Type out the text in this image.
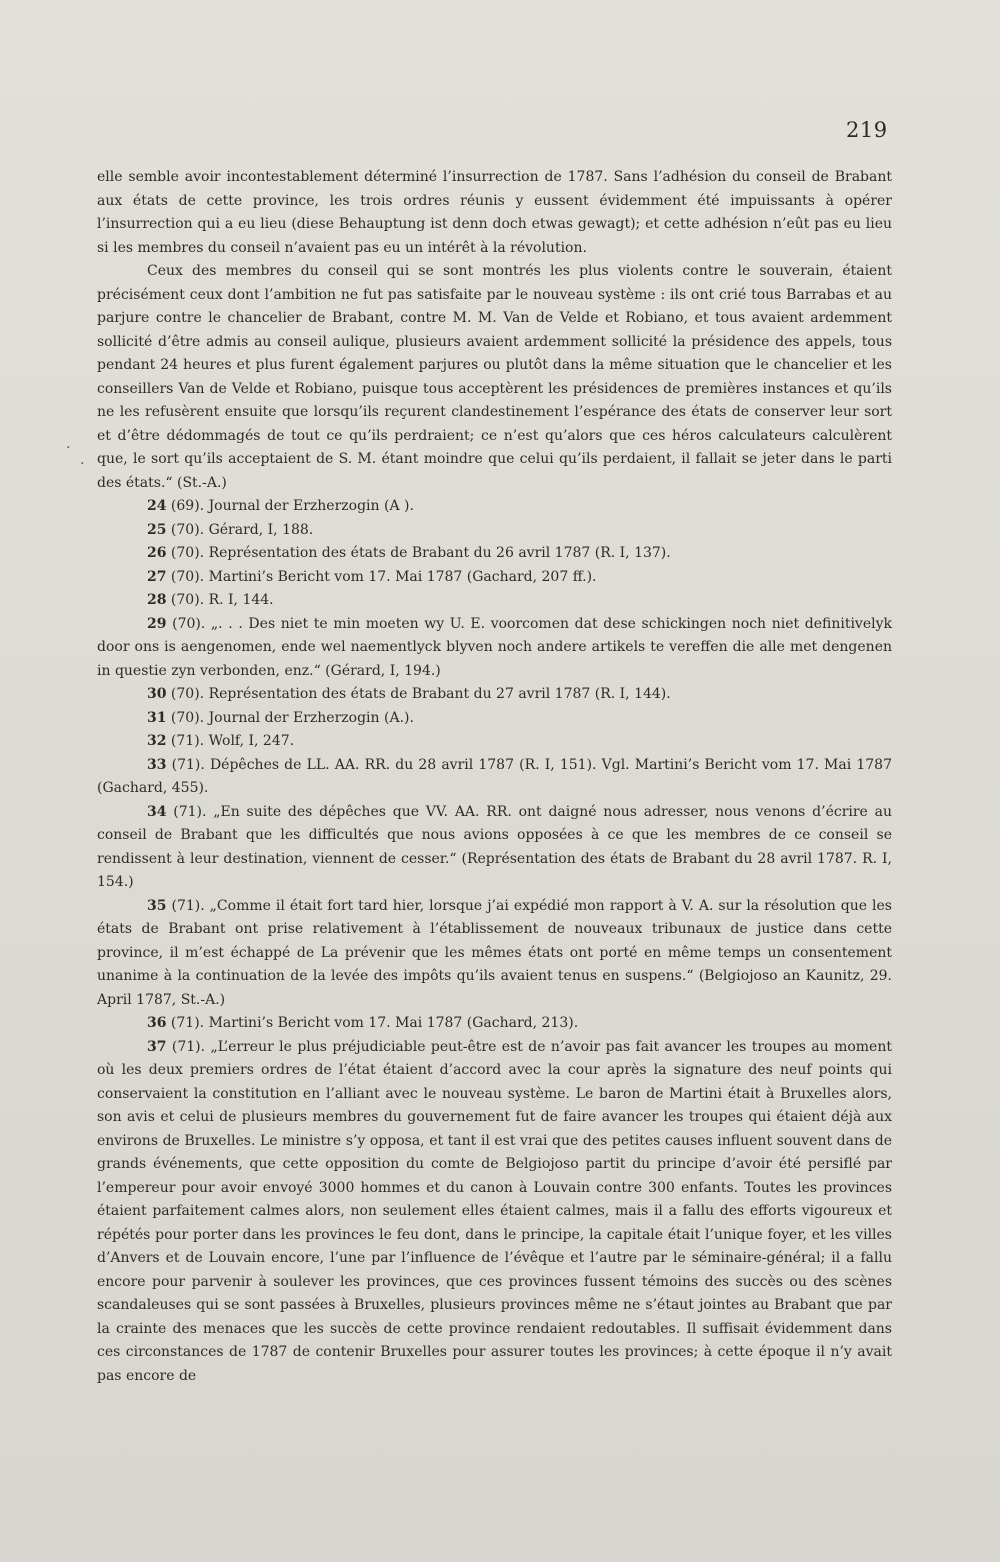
219
.
.

elle semble avoir incontestablement déterminé l’insurrection de 1787. Sans l’adhésion du conseil de Brabant aux états de cette province, les trois ordres réunis y eussent évidemment été impuissants à opérer l’insurrection qui a eu lieu (diese Behauptung ist denn doch etwas gewagt); et cette adhésion n’eût pas eu lieu si les membres du conseil n’avaient pas eu un intérêt à la révolution.

Ceux des membres du conseil qui se sont montrés les plus violents contre le souverain, étaient précisément ceux dont l’ambition ne fut pas satisfaite par le nouveau système : ils ont crié tous Barrabas et au parjure contre le chancelier de Brabant, contre M. M. Van de Velde et Robiano, et tous avaient ardemment sollicité d’être admis au conseil aulique, plusieurs avaient ardemment sollicité la présidence des appels, tous pendant 24 heures et plus furent également parjures ou plutôt dans la même situation que le chancelier et les conseillers Van de Velde et Robiano, puisque tous acceptèrent les présidences de premières instances et qu’ils ne les refusèrent ensuite que lorsqu’ils reçurent clandestinement l’espérance des états de conserver leur sort et d’être dédommagés de tout ce qu’ils perdraient; ce n’est qu’alors que ces héros calculateurs calculèrent que, le sort qu’ils acceptaient de S. M. étant moindre que celui qu’ils perdaient, il fallait se jeter dans le parti des états.“ (St.-A.)

24 (69). Journal der Erzherzogin (A ).

25 (70). Gérard, I, 188.

26 (70). Représentation des états de Brabant du 26 avril 1787 (R. I, 137).

27 (70). Martini’s Bericht vom 17. Mai 1787 (Gachard, 207 ff.).

28 (70). R. I, 144.

29 (70). „. . . Des niet te min moeten wy U. E. voorcomen dat dese schickingen noch niet definitivelyk door ons is aengenomen, ende wel naementlyck blyven noch andere artikels te vereffen die alle met dengenen in questie zyn verbonden, enz.“ (Gérard, I, 194.)

30 (70). Représentation des états de Brabant du 27 avril 1787 (R. I, 144).

31 (70). Journal der Erzherzogin (A.).

32 (71). Wolf, I, 247.

33 (71). Dépêches de LL. AA. RR. du 28 avril 1787 (R. I, 151). Vgl. Martini’s Bericht vom 17. Mai 1787 (Gachard, 455).

34 (71). „En suite des dépêches que VV. AA. RR. ont daigné nous adresser, nous venons d’écrire au conseil de Brabant que les difficultés que nous avions opposées à ce que les membres de ce conseil se rendissent à leur destination, viennent de cesser.“ (Représentation des états de Brabant du 28 avril 1787. R. I, 154.)

35 (71). „Comme il était fort tard hier, lorsque j’ai expédié mon rapport à V. A. sur la résolution que les états de Brabant ont prise relativement à l’établissement de nouveaux tribunaux de justice dans cette province, il m’est échappé de La prévenir que les mêmes états ont porté en même temps un consentement unanime à la continuation de la levée des impôts qu’ils avaient tenus en suspens.“ (Belgiojoso an Kaunitz, 29. April 1787, St.-A.)

36 (71). Martini’s Bericht vom 17. Mai 1787 (Gachard, 213).

37 (71). „L’erreur le plus préjudiciable peut-être est de n’avoir pas fait avancer les troupes au moment où les deux premiers ordres de l’état étaient d’accord avec la cour après la signature des neuf points qui conservaient la constitution en l’alliant avec le nouveau système. Le baron de Martini était à Bruxelles alors, son avis et celui de plusieurs membres du gouvernement fut de faire avancer les troupes qui étaient déjà aux environs de Bruxelles. Le ministre s’y opposa, et tant il est vrai que des petites causes influent souvent dans de grands événements, que cette opposition du comte de Belgiojoso partit du principe d’avoir été persiflé par l’empereur pour avoir envoyé 3000 hommes et du canon à Louvain contre 300 enfants. Toutes les provinces étaient parfaitement calmes alors, non seulement elles étaient calmes, mais il a fallu des efforts vigoureux et répétés pour porter dans les provinces le feu dont, dans le principe, la capitale était l’unique foyer, et les villes d’Anvers et de Louvain encore, l’une par l’influence de l’évêque et l’autre par le séminaire-général; il a fallu encore pour parvenir à soulever les provinces, que ces provinces fussent témoins des succès ou des scènes scandaleuses qui se sont passées à Bruxelles, plusieurs provinces même ne s’étaut jointes au Brabant que par la crainte des menaces que les succès de cette province rendaient redoutables. Il suffisait évidemment dans ces circonstances de 1787 de contenir Bruxelles pour assurer toutes les provinces; à cette époque il n’y avait pas encore de
